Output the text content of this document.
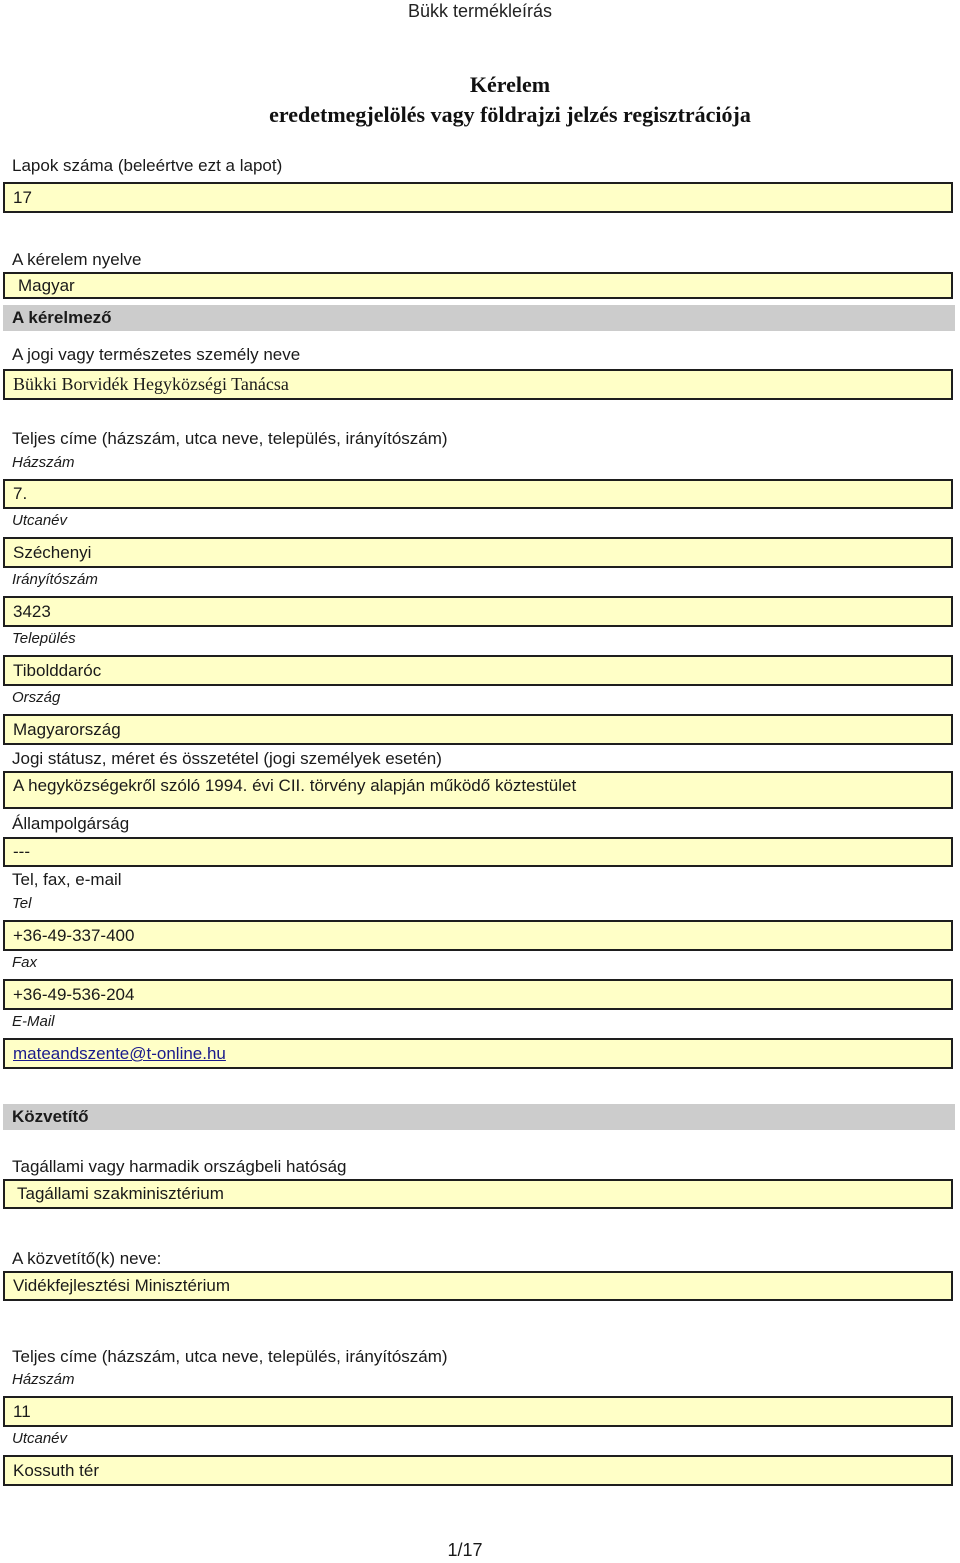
Bükk termékleírás
Kérelem
eredetmegjelölés vagy földrajzi jelzés regisztrációja
Lapok száma (beleértve ezt a lapot)
17
A kérelem nyelve
Magyar
A kérelmező
A jogi vagy természetes személy neve
Bükki Borvidék Hegyközségi Tanácsa
Teljes címe (házszám, utca neve, település, irányítószám)
Házszám
7.
Utcanév
Széchenyi
Irányítószám
3423
Település
Tibolddaróc
Ország
Magyarország
Jogi státusz, méret és összetétel (jogi személyek esetén)
A hegyközségekről szóló 1994. évi CII. törvény alapján működő köztestület
Állampolgárság
---
Tel, fax, e-mail
Tel
+36-49-337-400
Fax
+36-49-536-204
E-Mail
mateandszente@t-online.hu
Közvetítő
Tagállami vagy harmadik országbeli hatóság
Tagállami szakminisztérium
A közvetítő(k) neve:
Vidékfejlesztési Minisztérium
Teljes címe (házszám, utca neve, település, irányítószám)
Házszám
11
Utcanév
Kossuth tér
1/17
